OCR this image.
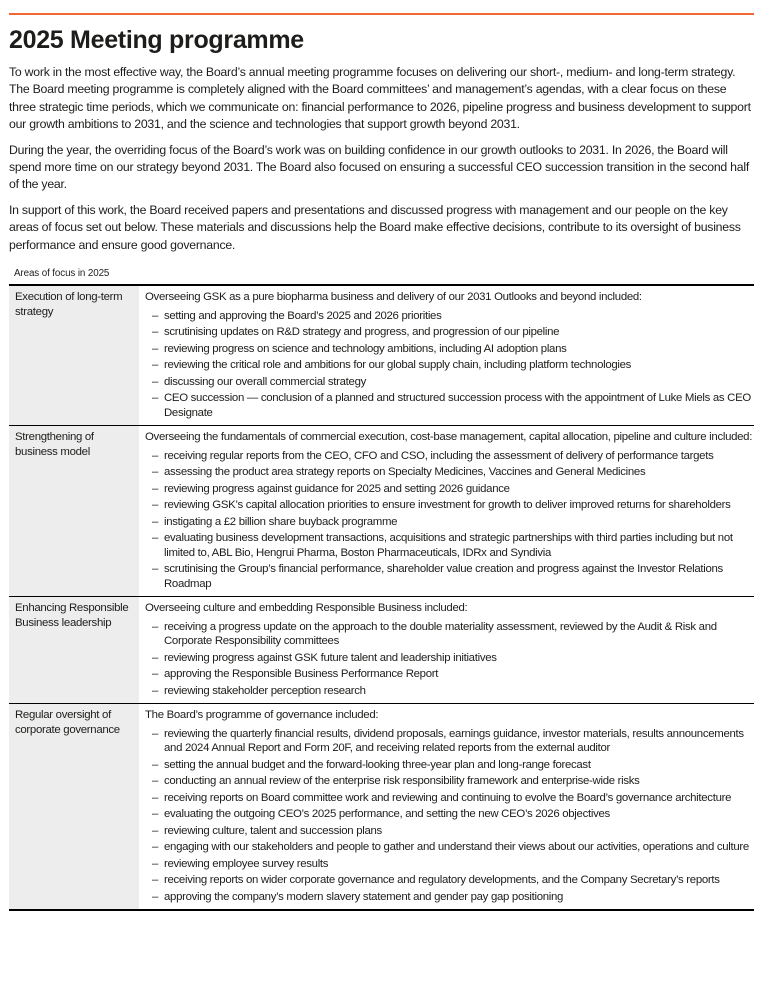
2025 Meeting programme

To work in the most effective way, the Board’s annual meeting programme focuses on delivering our short-, medium- and long-term strategy. The Board meeting programme is completely aligned with the Board committees’ and management’s agendas, with a clear focus on these three strategic time periods, which we communicate on: financial performance to 2026, pipeline progress and business development to support our growth ambitions to 2031, and the science and technologies that support growth beyond 2031.

During the year, the overriding focus of the Board’s work was on building confidence in our growth outlooks to 2031. In 2026, the Board will spend more time on our strategy beyond 2031. The Board also focused on ensuring a successful CEO succession transition in the second half of the year.

In support of this work, the Board received papers and presentations and discussed progress with management and our people on the key areas of focus set out below. These materials and discussions help the Board make effective decisions, contribute to its oversight of business performance and ensure good governance.

Areas of focus in 2025
Execution of long-term strategy

Overseeing GSK as a pure biopharma business and delivery of our 2031 Outlooks and beyond included:

– setting and approving the Board’s 2025 and 2026 priorities
– scrutinising updates on R&D strategy and progress, and progression of our pipeline
– reviewing progress on science and technology ambitions, including AI adoption plans
– reviewing the critical role and ambitions for our global supply chain, including platform technologies
– discussing our overall commercial strategy
– CEO succession — conclusion of a planned and structured succession process with the appointment of Luke Miels as CEO Designate
Strengthening of business model

Overseeing the fundamentals of commercial execution, cost-base management, capital allocation, pipeline and culture included:

– receiving regular reports from the CEO, CFO and CSO, including the assessment of delivery of performance targets
– assessing the product area strategy reports on Specialty Medicines, Vaccines and General Medicines
– reviewing progress against guidance for 2025 and setting 2026 guidance
– reviewing GSK’s capital allocation priorities to ensure investment for growth to deliver improved returns for shareholders
– instigating a £2 billion share buyback programme
– evaluating business development transactions, acquisitions and strategic partnerships with third parties including but not limited to, ABL Bio, Hengrui Pharma, Boston Pharmaceuticals, IDRx and Syndivia
– scrutinising the Group’s financial performance, shareholder value creation and progress against the Investor Relations Roadmap
Enhancing Responsible Business leadership

Overseeing culture and embedding Responsible Business included:

– receiving a progress update on the approach to the double materiality assessment, reviewed by the Audit & Risk and Corporate Responsibility committees
– reviewing progress against GSK future talent and leadership initiatives
– approving the Responsible Business Performance Report
– reviewing stakeholder perception research
Regular oversight of corporate governance

The Board’s programme of governance included:

– reviewing the quarterly financial results, dividend proposals, earnings guidance, investor materials, results announcements and 2024 Annual Report and Form 20F, and receiving related reports from the external auditor
– setting the annual budget and the forward-looking three-year plan and long-range forecast
– conducting an annual review of the enterprise risk responsibility framework and enterprise-wide risks
– receiving reports on Board committee work and reviewing and continuing to evolve the Board’s governance architecture
– evaluating the outgoing CEO’s 2025 performance, and setting the new CEO’s 2026 objectives
– reviewing culture, talent and succession plans
– engaging with our stakeholders and people to gather and understand their views about our activities, operations and culture
– reviewing employee survey results
– receiving reports on wider corporate governance and regulatory developments, and the Company Secretary’s reports
– approving the company’s modern slavery statement and gender pay gap positioning
